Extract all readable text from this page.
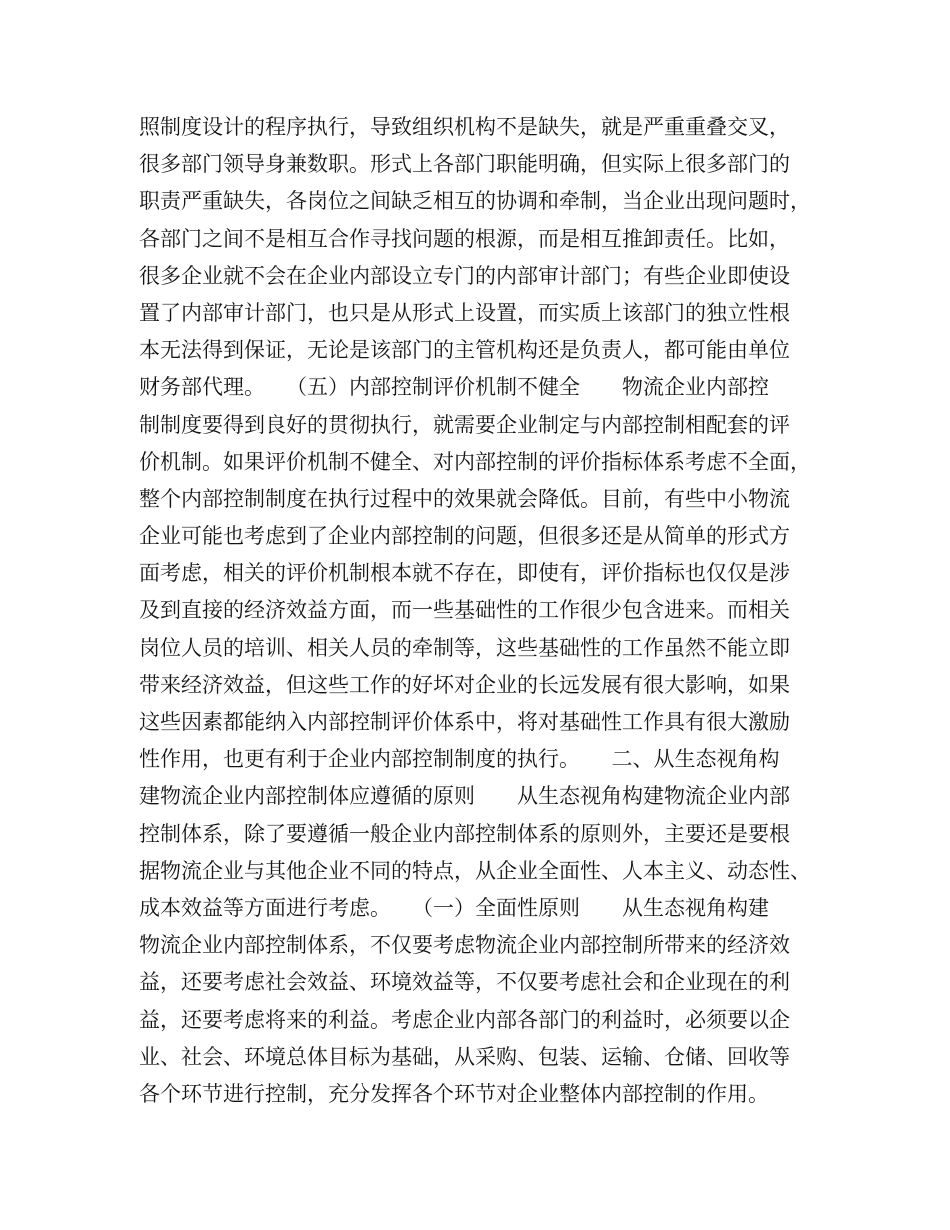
照制度设计的程序执行，导致组织机构不是缺失，就是严重重叠交叉，
很多部门领导身兼数职。形式上各部门职能明确，但实际上很多部门的
职责严重缺失，各岗位之间缺乏相互的协调和牵制，当企业出现问题时，
各部门之间不是相互合作寻找问题的根源，而是相互推卸责任。比如，
很多企业就不会在企业内部设立专门的内部审计部门；有些企业即使设
置了内部审计部门，也只是从形式上设置，而实质上该部门的独立性根
本无法得到保证，无论是该部门的主管机构还是负责人，都可能由单位
财务部代理。　　（五）内部控制评价机制不健全　　物流企业内部控
制制度要得到良好的贯彻执行，就需要企业制定与内部控制相配套的评
价机制。如果评价机制不健全、对内部控制的评价指标体系考虑不全面，
整个内部控制制度在执行过程中的效果就会降低。目前，有些中小物流
企业可能也考虑到了企业内部控制的问题，但很多还是从简单的形式方
面考虑，相关的评价机制根本就不存在，即使有，评价指标也仅仅是涉
及到直接的经济效益方面，而一些基础性的工作很少包含进来。而相关
岗位人员的培训、相关人员的牵制等，这些基础性的工作虽然不能立即
带来经济效益，但这些工作的好坏对企业的长远发展有很大影响，如果
这些因素都能纳入内部控制评价体系中，将对基础性工作具有很大激励
性作用，也更有利于企业内部控制制度的执行。　　二、从生态视角构
建物流企业内部控制体应遵循的原则　　从生态视角构建物流企业内部
控制体系，除了要遵循一般企业内部控制体系的原则外，主要还是要根
据物流企业与其他企业不同的特点，从企业全面性、人本主义、动态性、
成本效益等方面进行考虑。　　（一）全面性原则　　从生态视角构建
物流企业内部控制体系，不仅要考虑物流企业内部控制所带来的经济效
益，还要考虑社会效益、环境效益等，不仅要考虑社会和企业现在的利
益，还要考虑将来的利益。考虑企业内部各部门的利益时，必须要以企
业、社会、环境总体目标为基础，从采购、包装、运输、仓储、回收等
各个环节进行控制，充分发挥各个环节对企业整体内部控制的作用。
